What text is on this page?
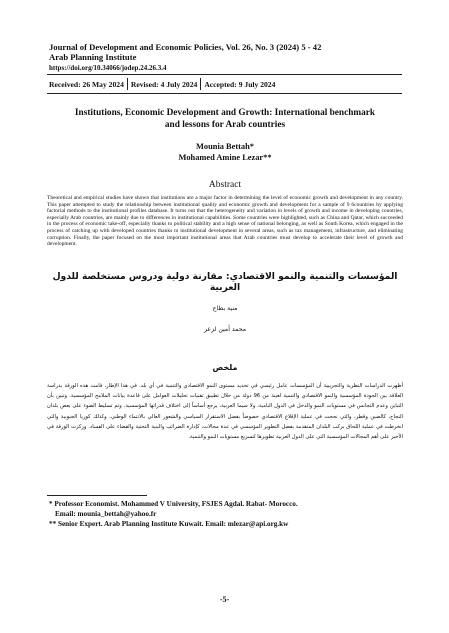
Journal of Development and Economic Policies, Vol. 26, No. 3 (2024) 5 - 42
Arab Planning Institute
https://doi.org/10.34066/jodep.24.26.3.4
Received: 26 May 2024 Revised: 4 July 2024 Accepted: 9 July 2024
Institutions, Economic Development and Growth: International benchmark
and lessons for Arab countries
Mounia Bettah*
Mohamed Amine Lezar**
Abstract
Theoretical and empirical studies have shown that institutions are a major factor in determining the level of economic growth and development in any country. This paper attempted to study the relationship between institutional quality and economic growth and development for a sample of 9 6countries by applying factorial methods to the institutional profiles database. It turns out that the heterogeneity and variation in levels of growth and income in developing countries, especially Arab countries, are mainly due to differences in institutional capabilities. Some countries were highlighted, such as China and Qatar, which succeeded in the process of economic take-off, especially thanks to political stability and a high sense of national belonging, as well as South Korea, which engaged in the process of catching up with developed countries thanks to institutional development in several areas, such as tax management, infrastructure, and eliminating corruption. Finally, the paper focused on the most important institutional areas that Arab countries must develop to accelerate their level of growth and development.
المؤسسات والتنمية والنمو الاقتصادي: مقارنة دولية ودروس مستخلصة للدول العربية
منية بطاح
محمد أمين لزعر
ملخص
أظهرت الدراسات النظرية والتجريبية أن المؤسسات عامل رئيسي في تحديد مستوى النمو الاقتصادي والتنمية في أي بلد. في هذا الإطار، قامت هذه الورقة بدراسة العلاقة بين الجودة المؤسسية والنمو الاقتصادي والتنمية لعينة من 96 دولة من خلال تطبيق تقنيات تحليلات العوامل على قاعدة بيانات الملامح المؤسسية. وتبين بأن التباين وعدم التجانس في مستويات النمو والدخل في الدول النامية، ولا سيما العربية، يرجع أساساً إلى اختلاف قدراتها المؤسسية. وتم تسليط الضوء على بعض بلدان النجاح، كالصين وقطر، والتي نجحت في عملية الإقلاع الاقتصادي خصوصاً بفضل الاستقرار السياسي والشعور العالي بالانتماء الوطني، وكذلك كوريا الجنوبية والتي انخرطت في عملية اللحاق بركب البلدان المتقدمة بفضل التطوير المؤسسي في عدة مجالات، كإدارة الضرائب والبنية التحتية والقضاء على الفساد. وركزت الورقة في الأخير على أهم المجالات المؤسسية التي على الدول العربية تطويرها لتسريع مستويات النمو والتنمية.
* Professor Economist. Mohammed V University, FSJES Agdal. Rabat- Morocco.
Email: mounia_bettah@yahoo.fr
** Senior Expert. Arab Planning Institute Kuwait. Email: mlezar@api.org.kw
-5-
